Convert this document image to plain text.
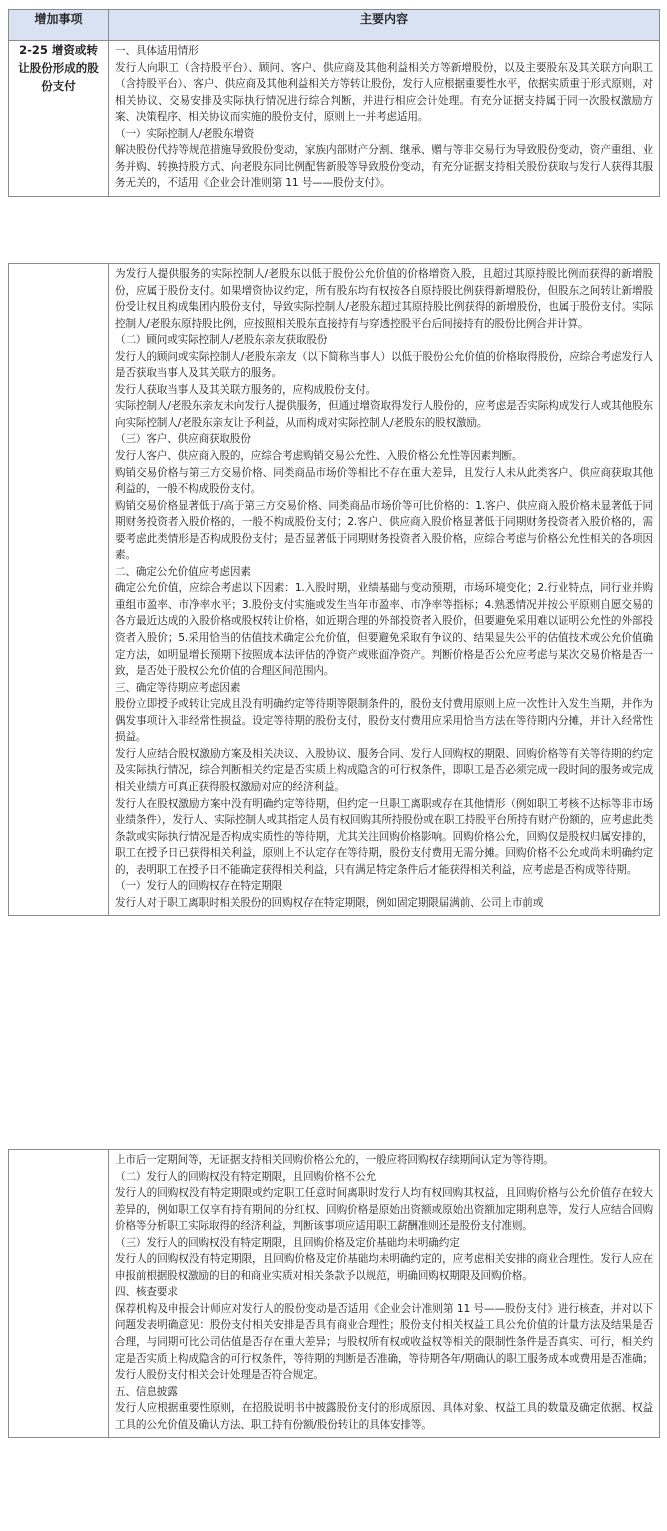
增加事项	主要内容
2-25 增资或转让股份形成的股份支付	一、具体适用情形

发行人向职工（含持股平台）、顾问、客户、供应商及其他利益相关方等新增股份，以及主要股东及其关联方向职工（含持股平台）、客户、供应商及其他利益相关方等转让股份，发行人应根据重要性水平，依据实质重于形式原则，对相关协议、交易安排及实际执行情况进行综合判断，并进行相应会计处理。有充分证据支持属于同一次股权激励方案、决策程序、相关协议而实施的股份支付，原则上一并考虑适用。

（一）实际控制人/老股东增资

解决股份代持等规范措施导致股份变动，家族内部财产分割、继承、赠与等非交易行为导致股份变动，资产重组、业务并购、转换持股方式、向老股东同比例配售新股等导致股份变动，有充分证据支持相关股份获取与发行人获得其服务无关的，不适用《企业会计准则第 11 号——股份支付》。

为发行人提供服务的实际控制人/老股东以低于股份公允价值的价格增资入股，且超过其原持股比例而获得的新增股份，应属于股份支付。如果增资协议约定，所有股东均有权按各自原持股比例获得新增股份，但股东之间转让新增股份受让权且构成集团内股份支付，导致实际控制人/老股东超过其原持股比例获得的新增股份，也属于股份支付。实际控制人/老股东原持股比例，应按照相关股东直接持有与穿透控股平台后间接持有的股份比例合并计算。

（二）顾问或实际控制人/老股东亲友获取股份

发行人的顾问或实际控制人/老股东亲友（以下简称当事人）以低于股份公允价值的价格取得股份，应综合考虑发行人是否获取当事人及其关联方的服务。

发行人获取当事人及其关联方服务的，应构成股份支付。

实际控制人/老股东亲友未向发行人提供服务，但通过增资取得发行人股份的，应考虑是否实际构成发行人或其他股东向实际控制人/老股东亲友让予利益，从而构成对实际控制人/老股东的股权激励。

（三）客户、供应商获取股份

发行人客户、供应商入股的，应综合考虑购销交易公允性、入股价格公允性等因素判断。

购销交易价格与第三方交易价格、同类商品市场价等相比不存在重大差异，且发行人未从此类客户、供应商获取其他利益的，一般不构成股份支付。

购销交易价格显著低于/高于第三方交易价格、同类商品市场价等可比价格的：1.客户、供应商入股价格未显著低于同期财务投资者入股价格的，一般不构成股份支付；2.客户、供应商入股价格显著低于同期财务投资者入股价格的，需要考虑此类情形是否构成股份支付；是否显著低于同期财务投资者入股价格，应综合考虑与价格公允性相关的各项因素。

二、确定公允价值应考虑因素

确定公允价值，应综合考虑以下因素：1.入股时期，业绩基础与变动预期，市场环境变化；2.行业特点，同行业并购重组市盈率、市净率水平；3.股份支付实施或发生当年市盈率、市净率等指标；4.熟悉情况并按公平原则自愿交易的各方最近达成的入股价格或股权转让价格，如近期合理的外部投资者入股价，但要避免采用难以证明公允性的外部投资者入股价；5.采用恰当的估值技术确定公允价值，但要避免采取有争议的、结果显失公平的估值技术或公允价值确定方法，如明显增长预期下按照成本法评估的净资产或账面净资产。判断价格是否公允应考虑与某次交易价格是否一致，是否处于股权公允价值的合理区间范围内。

三、确定等待期应考虑因素

股份立即授予或转让完成且没有明确约定等待期等限制条件的，股份支付费用原则上应一次性计入发生当期，并作为偶发事项计入非经常性损益。设定等待期的股份支付，股份支付费用应采用恰当方法在等待期内分摊，并计入经常性损益。

发行人应结合股权激励方案及相关决议、入股协议、服务合同、发行人回购权的期限、回购价格等有关等待期的约定及实际执行情况，综合判断相关约定是否实质上构成隐含的可行权条件，即职工是否必须完成一段时间的服务或完成相关业绩方可真正获得股权激励对应的经济利益。

发行人在股权激励方案中没有明确约定等待期，但约定一旦职工离职或存在其他情形（例如职工考核不达标等非市场业绩条件），发行人、实际控制人或其指定人员有权回购其所持股份或在职工持股平台所持有财产份额的，应考虑此类条款或实际执行情况是否构成实质性的等待期，尤其关注回购价格影响。回购价格公允，回购仅是股权归属安排的，职工在授予日已获得相关利益，原则上不认定存在等待期，股份支付费用无需分摊。回购价格不公允或尚未明确约定的，表明职工在授予日不能确定获得相关利益，只有满足特定条件后才能获得相关利益，应考虑是否构成等待期。

（一）发行人的回购权存在特定期限

发行人对于职工离职时相关股份的回购权存在特定期限，例如固定期限届满前、公司上市前或

上市后一定期间等，无证据支持相关回购价格公允的，一般应将回购权存续期间认定为等待期。

（二）发行人的回购权没有特定期限，且回购价格不公允

发行人的回购权没有特定期限或约定职工任意时间离职时发行人均有权回购其权益，且回购价格与公允价值存在较大差异的，例如职工仅享有持有期间的分红权、回购价格是原始出资额或原始出资额加定期利息等，发行人应结合回购价格等分析职工实际取得的经济利益，判断该事项应适用职工薪酬准则还是股份支付准则。

（三）发行人的回购权没有特定期限，且回购价格及定价基础均未明确约定

发行人的回购权没有特定期限，且回购价格及定价基础均未明确约定的，应考虑相关安排的商业合理性。发行人应在申报前根据股权激励的目的和商业实质对相关条款予以规范，明确回购权期限及回购价格。

四、核查要求

保荐机构及申报会计师应对发行人的股份变动是否适用《企业会计准则第 11 号——股份支付》进行核查，并对以下问题发表明确意见：股份支付相关安排是否具有商业合理性；股份支付相关权益工具公允价值的计量方法及结果是否合理，与同期可比公司估值是否存在重大差异；与股权所有权或收益权等相关的限制性条件是否真实、可行，相关约定是否实质上构成隐含的可行权条件，等待期的判断是否准确，等待期各年/期确认的职工服务成本或费用是否准确；发行人股份支付相关会计处理是否符合规定。

五、信息披露

发行人应根据重要性原则，在招股说明书中披露股份支付的形成原因、具体对象、权益工具的数量及确定依据、权益工具的公允价值及确认方法、职工持有份额/股份转让的具体安排等。
